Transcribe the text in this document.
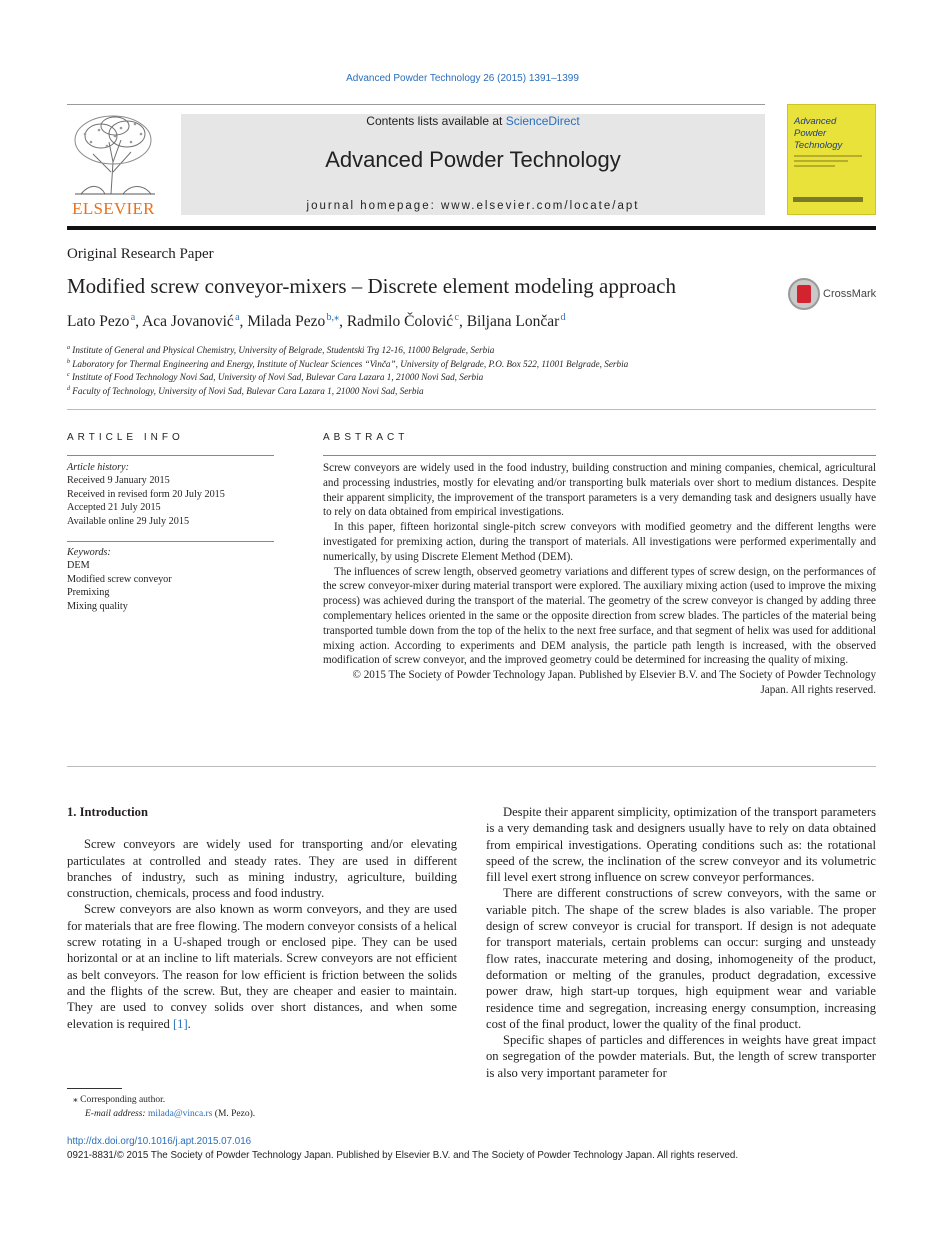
Advanced Powder Technology 26 (2015) 1391–1399
ELSEVIER
Contents lists available at ScienceDirect
Advanced Powder Technology
journal homepage: www.elsevier.com/locate/apt
Advanced
Powder
Technology
Original Research Paper
Modified screw conveyor-mixers – Discrete element modeling approach	CrossMark
Lato Pezo $^a$, Aca Jovanović $^a$, Milada Pezo $^{b,⁎}$, Radmilo Čolović $^c$, Biljana Lončar $^d$
$^a$ Institute of General and Physical Chemistry, University of Belgrade, Studentski Trg 12-16, 11000 Belgrade, Serbia
$^b$ Laboratory for Thermal Engineering and Energy, Institute of Nuclear Sciences “Vinča”, University of Belgrade, P.O. Box 522, 11001 Belgrade, Serbia
$^c$ Institute of Food Technology Novi Sad, University of Novi Sad, Bulevar Cara Lazara 1, 21000 Novi Sad, Serbia
$^d$ Faculty of Technology, University of Novi Sad, Bulevar Cara Lazara 1, 21000 Novi Sad, Serbia
ARTICLE INFO
Article history:
Received 9 January 2015
Received in revised form 20 July 2015
Accepted 21 July 2015
Available online 29 July 2015
Keywords:
DEM
Modified screw conveyor
Premixing
Mixing quality
ABSTRACT

Screw conveyors are widely used in the food industry, building construction and mining companies, chemical, agricultural and processing industries, mostly for elevating and/or transporting bulk materials over short to medium distances. Despite their apparent simplicity, the improvement of the transport parameters is a very demanding task and designers usually have to rely on data obtained from empirical investigations.

In this paper, fifteen horizontal single-pitch screw conveyors with modified geometry and the different lengths were investigated for premixing action, during the transport of materials. All investigations were performed experimentally and numerically, by using Discrete Element Method (DEM).

The influences of screw length, observed geometry variations and different types of screw design, on the performances of the screw conveyor-mixer during material transport were explored. The auxiliary mixing action (used to improve the mixing process) was achieved during the transport of the material. The geometry of the screw conveyor is changed by adding three complementary helices oriented in the same or the opposite direction from screw blades. The particles of the material being transported tumble down from the top of the helix to the next free surface, and that segment of helix was used for additional mixing action. According to experiments and DEM analysis, the particle path length is increased, with the observed modification of screw conveyor, and the improved geometry could be determined for increasing the quality of mixing.

© 2015 The Society of Powder Technology Japan. Published by Elsevier B.V. and The Society of Powder Technology Japan. All rights reserved.

1. Introduction

Screw conveyors are widely used for transporting and/or elevating particulates at controlled and steady rates. They are used in different branches of industry, such as mining industry, agriculture, building construction, chemicals, process and food industry.

Screw conveyors are also known as worm conveyors, and they are used for materials that are free flowing. The modern conveyor consists of a helical screw rotating in a U-shaped trough or enclosed pipe. They can be used horizontal or at an incline to lift materials. Screw conveyors are not efficient as belt conveyors. The reason for low efficient is friction between the solids and the flights of the screw. But, they are cheaper and easier to maintain. They are used to convey solids over short distances, and when some elevation is required [1].

Despite their apparent simplicity, optimization of the transport parameters is a very demanding task and designers usually have to rely on data obtained from empirical investigations. Operating conditions such as: the rotational speed of the screw, the inclination of the screw conveyor and its volumetric fill level exert strong influence on screw conveyor performances.

There are different constructions of screw conveyors, with the same or variable pitch. The shape of the screw blades is also variable. The proper design of screw conveyor is crucial for transport. If design is not adequate for transport materials, certain problems can occur: surging and unsteady flow rates, inaccurate metering and dosing, inhomogeneity of the product, deformation or melting of the granules, product degradation, excessive power draw, high start-up torques, high equipment wear and variable residence time and segregation, increasing energy consumption, increasing cost of the final product, lower the quality of the final product.

Specific shapes of particles and differences in weights have great impact on segregation of the powder materials. But, the length of screw transporter is also very important parameter for

⁎ Corresponding author.
E-mail address: milada@vinca.rs (M. Pezo).
http://dx.doi.org/10.1016/j.apt.2015.07.016
0921-8831/© 2015 The Society of Powder Technology Japan. Published by Elsevier B.V. and The Society of Powder Technology Japan. All rights reserved.
